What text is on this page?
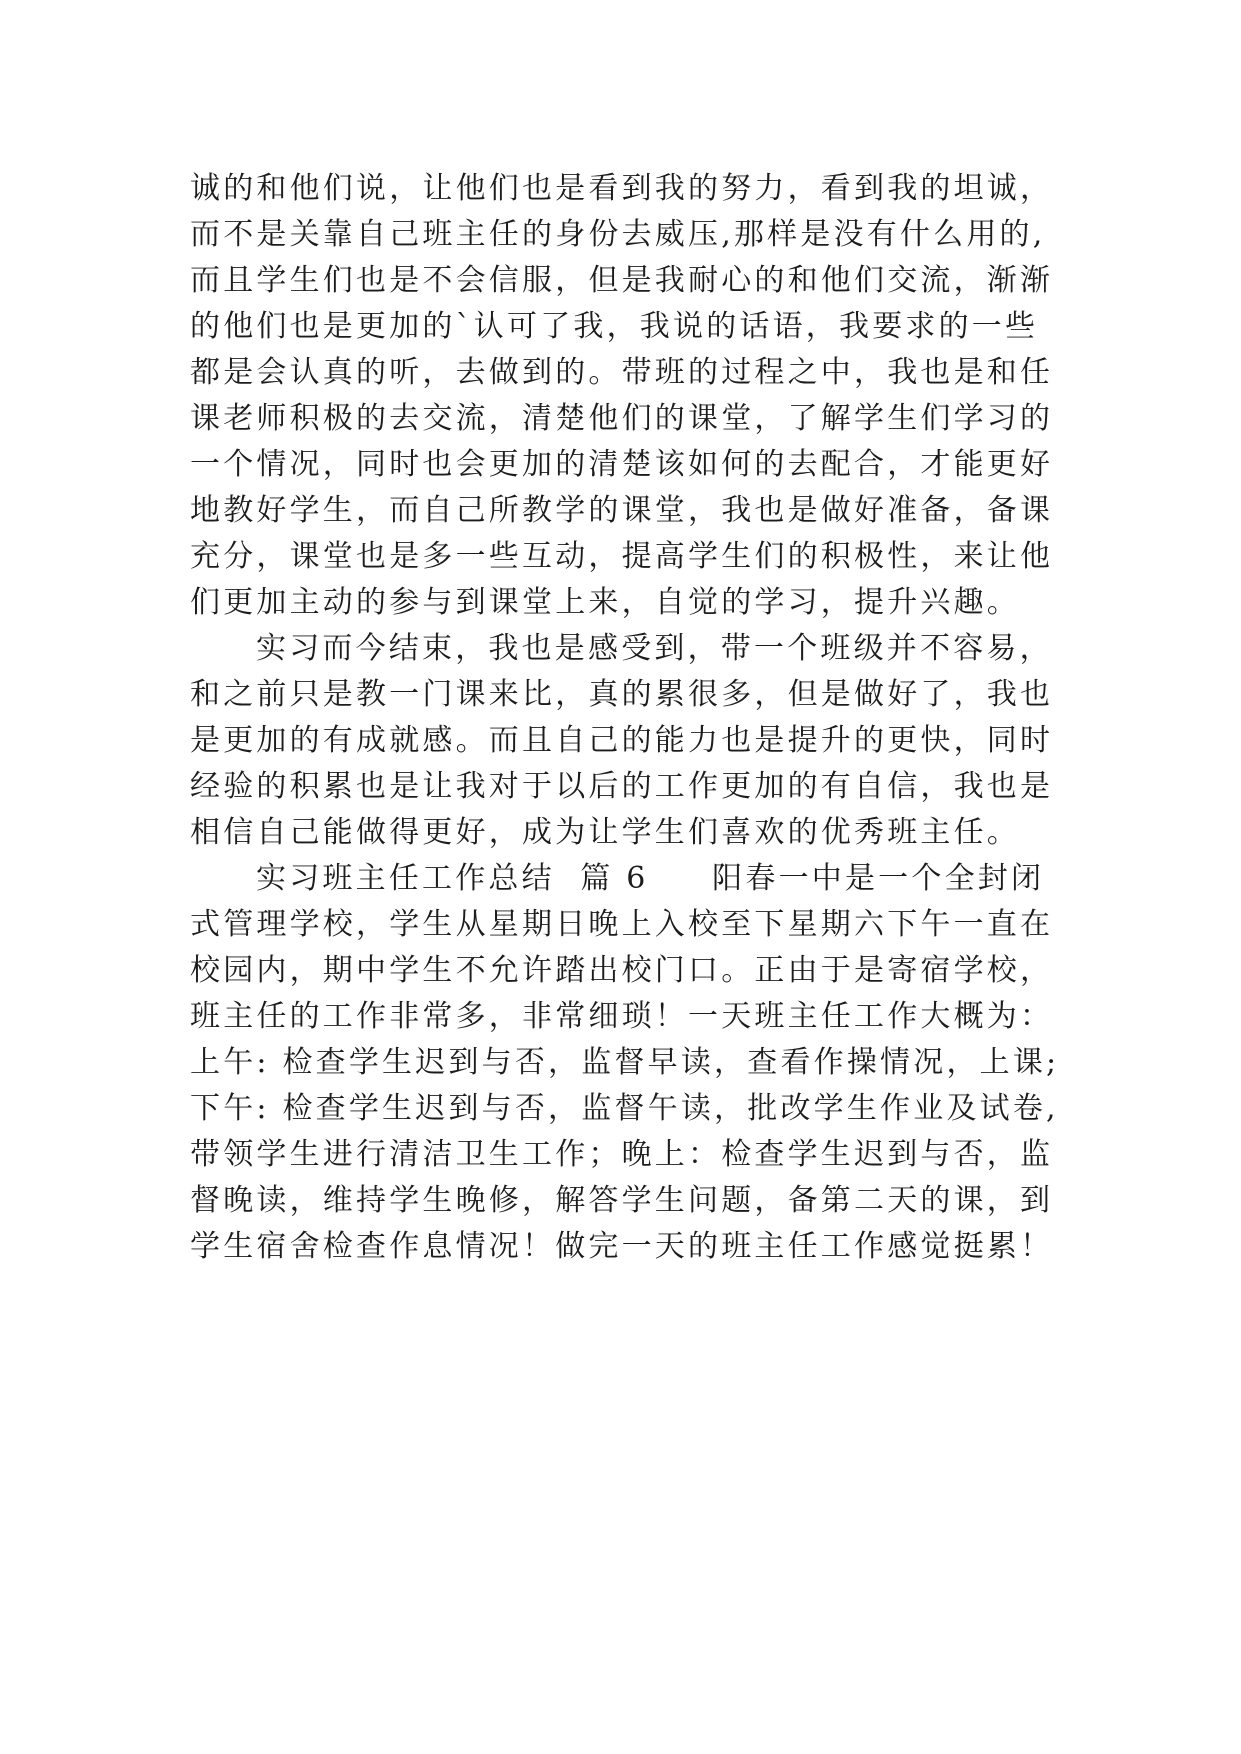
诚的和他们说，让他们也是看到我的努力，看到我的坦诚，
而不是关靠自己班主任的身份去威压,那样是没有什么用的,
而且学生们也是不会信服，但是我耐心的和他们交流，渐渐
的他们也是更加的`认可了我，我说的话语，我要求的一些
都是会认真的听，去做到的。带班的过程之中，我也是和任
课老师积极的去交流，清楚他们的课堂，了解学生们学习的
一个情况，同时也会更加的清楚该如何的去配合，才能更好
地教好学生，而自己所教学的课堂，我也是做好准备，备课
充分，课堂也是多一些互动，提高学生们的积极性，来让他
们更加主动的参与到课堂上来，自觉的学习，提升兴趣。
实习而今结束，我也是感受到，带一个班级并不容易，
和之前只是教一门课来比，真的累很多，但是做好了，我也
是更加的有成就感。而且自己的能力也是提升的更快，同时
经验的积累也是让我对于以后的工作更加的有自信，我也是
相信自己能做得更好，成为让学生们喜欢的优秀班主任。
实习班主任工作总结  篇 6     阳春一中是一个全封闭
式管理学校，学生从星期日晚上入校至下星期六下午一直在
校园内，期中学生不允许踏出校门口。正由于是寄宿学校，
班主任的工作非常多，非常细琐！一天班主任工作大概为：
上午: 检查学生迟到与否，监督早读，查看作操情况，上课;
下午: 检查学生迟到与否，监督午读，批改学生作业及试卷,
带领学生进行清洁卫生工作；晚上：检查学生迟到与否，监
督晚读，维持学生晚修，解答学生问题，备第二天的课，到
学生宿舍检查作息情况！做完一天的班主任工作感觉挺累！
